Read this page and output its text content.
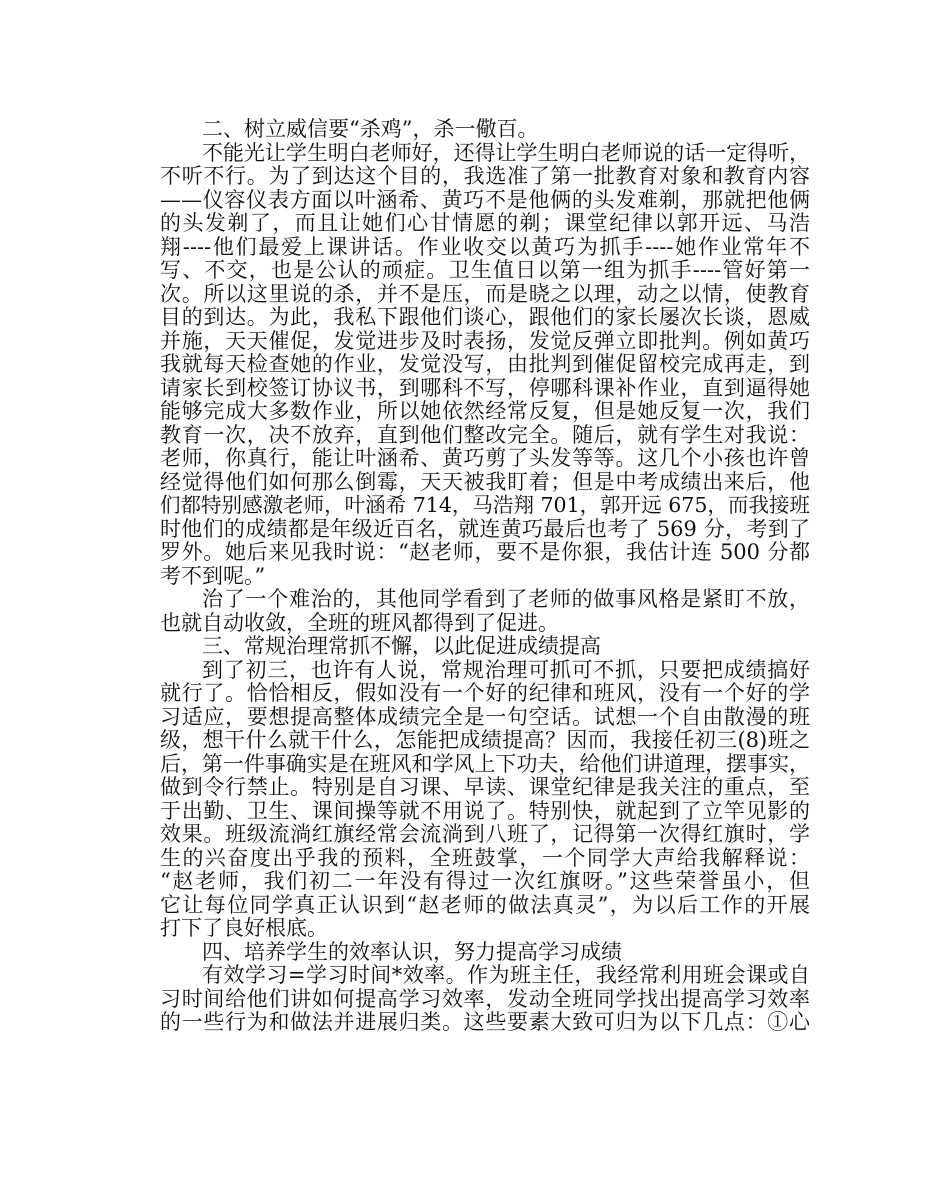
二、树立威信要“杀鸡”，杀一儆百。
不能光让学生明白老师好，还得让学生明白老师说的话一定得听，
不听不行。为了到达这个目的，我选准了第一批教育对象和教育内容
——仪容仪表方面以叶涵希、黄巧不是他俩的头发难剃，那就把他俩
的头发剃了，而且让她们心甘情愿的剃；课堂纪律以郭开远、马浩
翔----他们最爱上课讲话。作业收交以黄巧为抓手----她作业常年不
写、不交，也是公认的顽症。卫生值日以第一组为抓手----管好第一
次。所以这里说的杀，并不是压，而是晓之以理，动之以情，使教育
目的到达。为此，我私下跟他们谈心，跟他们的家长屡次长谈，恩威
并施，天天催促，发觉进步及时表扬，发觉反弹立即批判。例如黄巧
我就每天检查她的作业，发觉没写，由批判到催促留校完成再走，到
请家长到校签订协议书，到哪科不写，停哪科课补作业，直到逼得她
能够完成大多数作业，所以她依然经常反复，但是她反复一次，我们
教育一次，决不放弃，直到他们整改完全。随后，就有学生对我说：
老师，你真行，能让叶涵希、黄巧剪了头发等等。这几个小孩也许曾
经觉得他们如何那么倒霉，天天被我盯着；但是中考成绩出来后，他
们都特别感激老师，叶涵希 714，马浩翔 701，郭开远 675，而我接班
时他们的成绩都是年级近百名，就连黄巧最后也考了 569 分，考到了
罗外。她后来见我时说：“赵老师，要不是你狠，我估计连 500 分都
考不到呢。”
治了一个难治的，其他同学看到了老师的做事风格是紧盯不放，
也就自动收敛，全班的班风都得到了促进。
三、常规治理常抓不懈，以此促进成绩提高
到了初三，也许有人说，常规治理可抓可不抓，只要把成绩搞好
就行了。恰恰相反，假如没有一个好的纪律和班风，没有一个好的学
习适应，要想提高整体成绩完全是一句空话。试想一个自由散漫的班
级，想干什么就干什么，怎能把成绩提高？因而，我接任初三(8)班之
后，第一件事确实是在班风和学风上下功夫，给他们讲道理，摆事实，
做到令行禁止。特别是自习课、早读、课堂纪律是我关注的重点，至
于出勤、卫生、课间操等就不用说了。特别快，就起到了立竿见影的
效果。班级流淌红旗经常会流淌到八班了，记得第一次得红旗时，学
生的兴奋度出乎我的预料，全班鼓掌，一个同学大声给我解释说：
“赵老师，我们初二一年没有得过一次红旗呀。”这些荣誉虽小，但
它让每位同学真正认识到“赵老师的做法真灵”，为以后工作的开展
打下了良好根底。
四、培养学生的效率认识，努力提高学习成绩
有效学习=学习时间*效率。作为班主任，我经常利用班会课或自
习时间给他们讲如何提高学习效率，发动全班同学找出提高学习效率
的一些行为和做法并进展归类。这些要素大致可归为以下几点：①心
